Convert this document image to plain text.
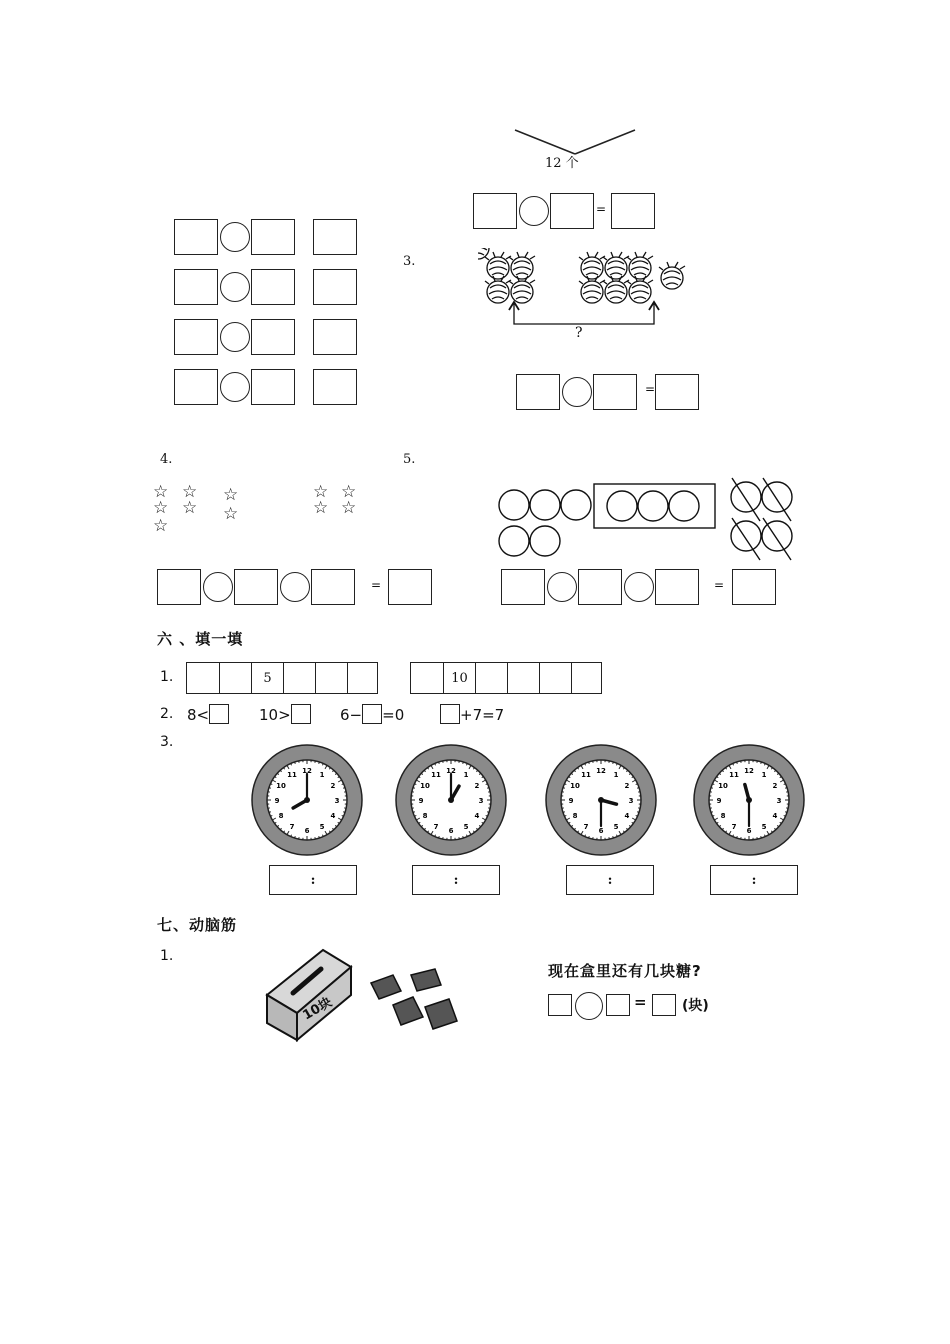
12 个
=
3.
?
=
4.
☆ ☆
☆ ☆
☆
☆
☆
☆ ☆
☆ ☆
=
5.
=
六 、填一填
1.	5	10
2. 8<	10>	6− =0	+7=7
3.
1
2
3
4
5
6
7
8
9
10
11
12
1
2
3
4
5
6
7
8
9
10
11
12
1
2
3
4
5
6
7
8
9
10
11
12
1
2
3
4
5
6
7
8
9
10
11
12
:	:	:	:
七、动脑筋
1.
10块
现在盒里还有几块糖?
=	(块)
